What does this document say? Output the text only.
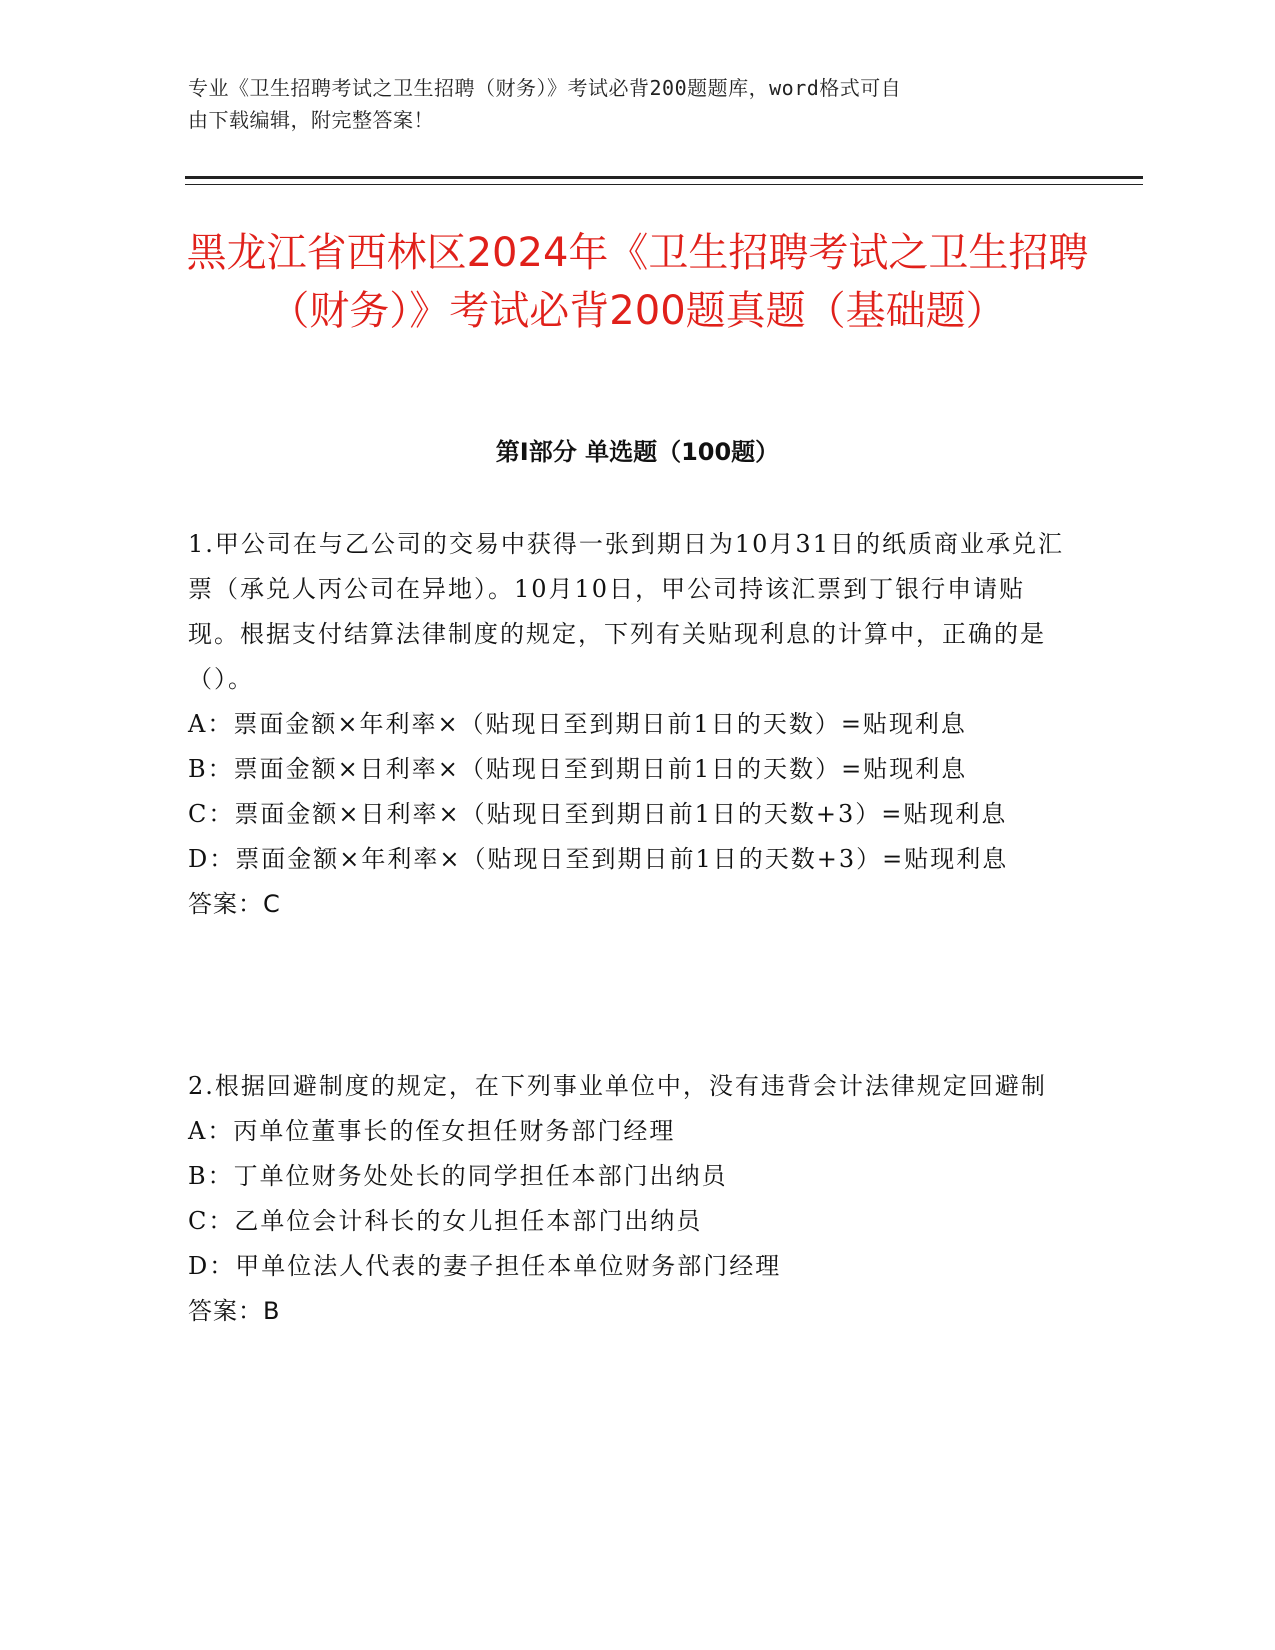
专业《卫生招聘考试之卫生招聘（财务）》考试必背200题题库，word格式可自
由下载编辑，附完整答案！
黑龙江省西林区2024年《卫生招聘考试之卫生招聘（财务）》考试必背200题真题（基础题）
第Ⅰ部分 单选题（100题）

1.甲公司在与乙公司的交易中获得一张到期日为10月31日的纸质商业承兑汇票（承兑人丙公司在异地）。10月10日，甲公司持该汇票到丁银行申请贴现。根据支付结算法律制度的规定，下列有关贴现利息的计算中，正确的是（）。

A：票面金额×年利率×（贴现日至到期日前1日的天数）=贴现利息

B：票面金额×日利率×（贴现日至到期日前1日的天数）=贴现利息

C：票面金额×日利率×（贴现日至到期日前1日的天数+3）=贴现利息

D：票面金额×年利率×（贴现日至到期日前1日的天数+3）=贴现利息

答案：C

2.根据回避制度的规定，在下列事业单位中，没有违背会计法律规定回避制

A：丙单位董事长的侄女担任财务部门经理

B：丁单位财务处处长的同学担任本部门出纳员

C：乙单位会计科长的女儿担任本部门出纳员

D：甲单位法人代表的妻子担任本单位财务部门经理

答案：B
